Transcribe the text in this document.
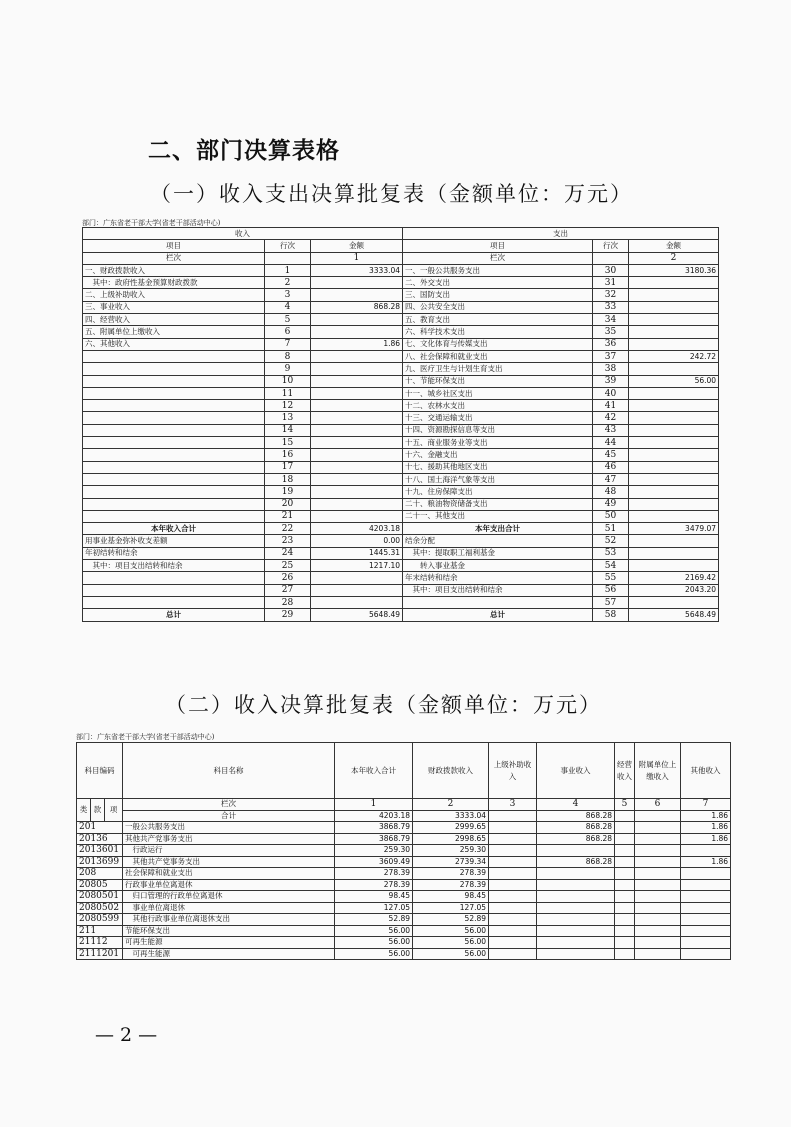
二、部门决算表格
（一）收入支出决算批复表（金额单位：万元）
部门：广东省老干部大学(省老干部活动中心)
收入			支出		
项目	行次	金额	项目	行次	金额
栏次		1	栏次		2
一、财政拨款收入	1	3333.04	一、一般公共服务支出	30	3180.36
　其中：政府性基金预算财政拨款	2		二、外交支出	31	
二、上级补助收入	3		三、国防支出	32	
三、事业收入	4	868.28	四、公共安全支出	33	
四、经营收入	5		五、教育支出	34	
五、附属单位上缴收入	6		六、科学技术支出	35	
六、其他收入	7	1.86	七、文化体育与传媒支出	36	
	8		八、社会保障和就业支出	37	242.72
	9		九、医疗卫生与计划生育支出	38	
	10		十、节能环保支出	39	56.00
	11		十一、城乡社区支出	40	
	12		十二、农林水支出	41	
	13		十三、交通运输支出	42	
	14		十四、资源勘探信息等支出	43	
	15		十五、商业服务业等支出	44	
	16		十六、金融支出	45	
	17		十七、援助其他地区支出	46	
	18		十八、国土海洋气象等支出	47	
	19		十九、住房保障支出	48	
	20		二十、粮油物资储备支出	49	
	21		二十一、其他支出	50	
本年收入合计	22	4203.18	本年支出合计	51	3479.07
用事业基金弥补收支差额	23	0.00	结余分配	52	
年初结转和结余	24	1445.31	　其中：提取职工福利基金	53	
　其中：项目支出结转和结余	25	1217.10	　　转入事业基金	54	
	26		年末结转和结余	55	2169.42
	27		　其中：项目支出结转和结余	56	2043.20
	28			57	
总计	29	5648.49	总计	58	5648.49
（二）收入决算批复表（金额单位：万元）
部门：广东省老干部大学(省老干部活动中心)
科目编码			科目名称	本年收入合计	财政拨款收入	上级补助收入	事业收入	经营收入	附属单位上缴收入	其他收入
类	款	项	栏次	1	2	3	4	5	6	7
			合计	4203.18	3333.04		868.28			1.86
201			一般公共服务支出	3868.79	2999.65		868.28			1.86
20136			其他共产党事务支出	3868.79	2998.65		868.28			1.86
2013601			　行政运行	259.30	259.30					
2013699			　其他共产党事务支出	3609.49	2739.34		868.28			1.86
208			社会保障和就业支出	278.39	278.39					
20805			行政事业单位离退休	278.39	278.39					
2080501			　归口管理的行政单位离退休	98.45	98.45					
2080502			　事业单位离退休	127.05	127.05					
2080599			　其他行政事业单位离退休支出	52.89	52.89					
211			节能环保支出	56.00	56.00					
21112			可再生能源	56.00	56.00					
2111201			　可再生能源	56.00	56.00					
— 2 —
